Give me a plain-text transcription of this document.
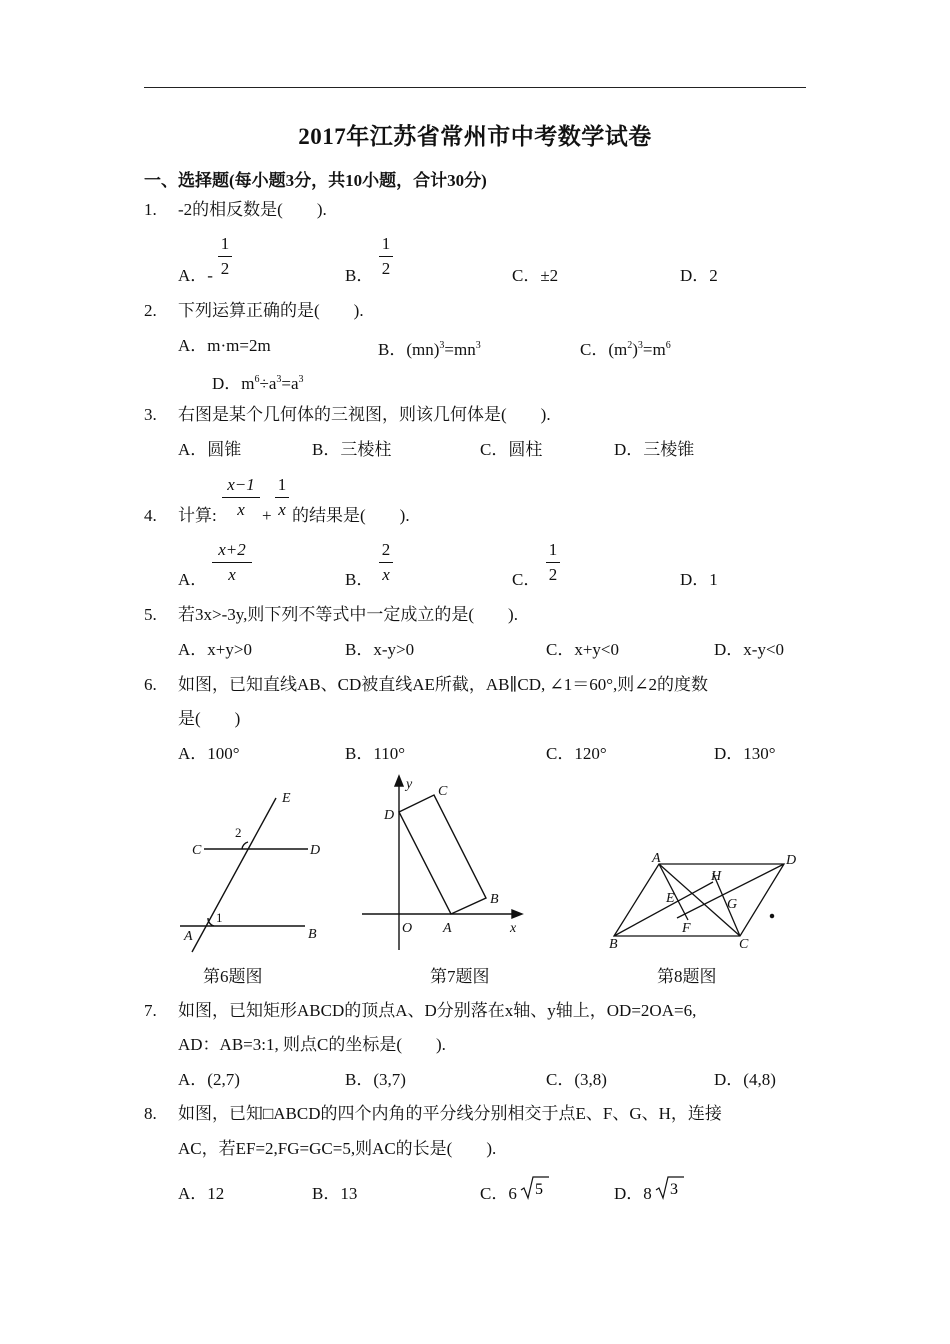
2017年江苏省常州市中考数学试卷
一、选择题(每小题3分，共10小题，合计30分)
1. -2的相反数是(　　).
A．-
1
2	B．
1
2	C．±2	D．2
2. 下列运算正确的是(　　).
A．m·m=2m	B．$(mn)^3=mn^3$	C．$(m^2)^3=m^6$
D．$m^6\div a^3=a^3$
3. 右图是某个几何体的三视图，则该几何体是(　　).
A．圆锥	B．三棱柱	C．圆柱	D．三棱锥
4. 计算:
x−1
x	+
1
x 的结果是(　　).
A．
x+2
x	B．
2
x	C．
1
2	D．1
5. 若3x>-3y,则下列不等式中一定成立的是(　　).
A．x+y>0	B．x-y>0	C．x+y<0	D．x-y<0
6. 如图，已知直线AB、CD被直线AE所截，AB∥CD, ∠1＝60°,则∠2的度数
是(　　)
A．100°	B．110°	C．120°	D．130°
E
C	D
A	B
1
2
y C
D
B
O A	x
A	D
H
E	G
F
B	C
第6题图	第7题图	第8题图
7. 如图，已知矩形ABCD的顶点A、D分别落在x轴、y轴上，OD=2OA=6,
AD：AB=3:1, 则点C的坐标是(　　).
A．(2,7)	B．(3,7)	C．(3,8)	D．(4,8)
8. 如图，已知□ABCD的四个内角的平分线分别相交于点E、F、G、H，连接
AC，若EF=2,FG=GC=5,则AC的长是(　　).
A．12	B．13	C．6 5	D．8 3
